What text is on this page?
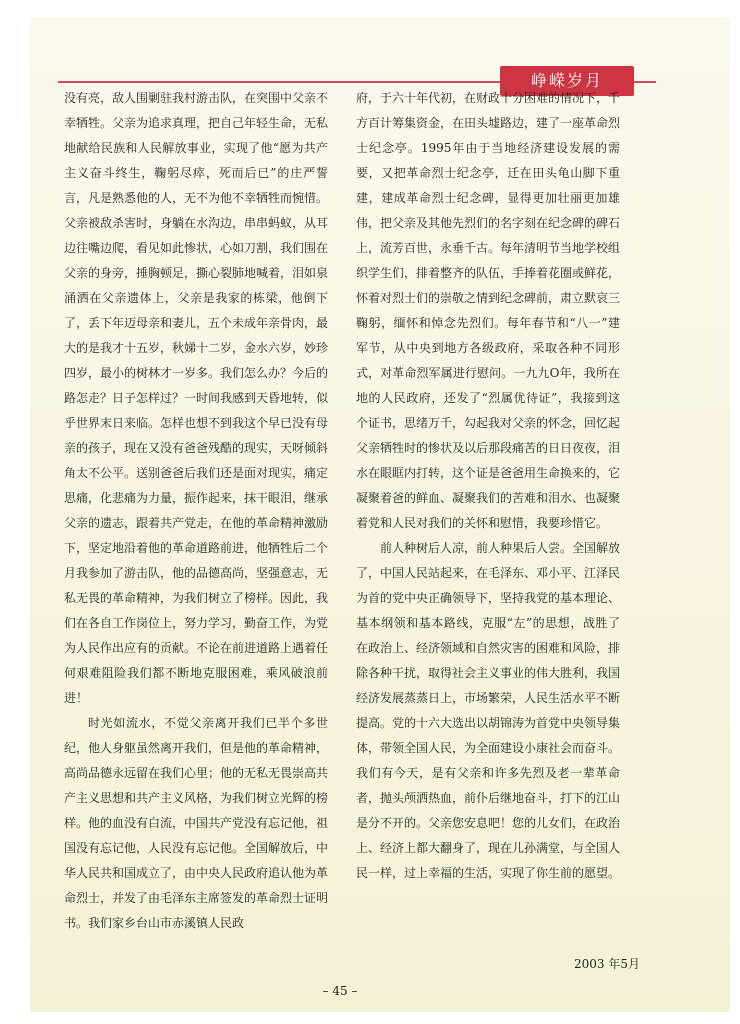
峥嵘岁月

没有亮，敌人围剿驻我村游击队，在突围中父亲不幸牺牲。父亲为追求真理，把自己年轻生命，无私地献给民族和人民解放事业，实现了他“愿为共产主义奋斗终生，鞠躬尽瘁，死而后已”的庄严誓言，凡是熟悉他的人，无不为他不幸牺牲而惋惜。父亲被敌杀害时，身躺在水沟边，串串蚂蚁，从耳边往嘴边爬，看见如此惨状，心如刀割，我们围在父亲的身旁，捶胸顿足，撕心裂肺地喊着，泪如泉涌洒在父亲遗体上，父亲是我家的栋梁，他倒下了，丢下年迈母亲和妻儿，五个未成年亲骨肉，最大的是我才十五岁，秋娣十二岁，金水六岁，妙珍四岁，最小的树林才一岁多。我们怎么办？今后的路怎走？日子怎样过？一时间我感到天昏地转，似乎世界末日来临。怎样也想不到我这个早已没有母亲的孩子，现在又没有爸爸残酷的现实，天呀倾斜角太不公平。送别爸爸后我们还是面对现实，痛定思痛，化悲痛为力量，振作起来，抹干眼泪，继承父亲的遗志，跟着共产党走，在他的革命精神激励下，坚定地沿着他的革命道路前进，他牺牲后二个月我参加了游击队，他的品德高尚，坚强意志，无私无畏的革命精神，为我们树立了榜样。因此，我们在各自工作岗位上，努力学习，勤奋工作，为党为人民作出应有的贡献。不论在前进道路上遇着任何艰难阻险我们都不断地克服困难，乘风破浪前进！

时光如流水，不觉父亲离开我们已半个多世纪，他人身躯虽然离开我们，但是他的革命精神，高尚品德永远留在我们心里；他的无私无畏崇高共产主义思想和共产主义风格，为我们树立光辉的榜样。他的血没有白流，中国共产党没有忘记他，祖国没有忘记他，人民没有忘记他。全国解放后，中华人民共和国成立了，由中央人民政府追认他为革命烈士，并发了由毛泽东主席签发的革命烈士证明书。我们家乡台山市赤溪镇人民政

府，于六十年代初，在财政十分困难的情况下，千方百计筹集资金，在田头墟路边，建了一座革命烈士纪念亭。1995年由于当地经济建设发展的需要，又把革命烈士纪念亭，迁在田头龟山脚下重建，建成革命烈士纪念碑，显得更加壮丽更加雄伟，把父亲及其他先烈们的名字刻在纪念碑的碑石上，流芳百世，永垂千古。每年清明节当地学校组织学生们，排着整齐的队伍，手捧着花圈或鲜花，怀着对烈士们的崇敬之情到纪念碑前，肃立默哀三鞠躬，缅怀和悼念先烈们。每年春节和“八一”建军节，从中央到地方各级政府，采取各种不同形式，对革命烈军属进行慰问。一九九O年，我所在地的人民政府，还发了“烈属优待证”，我接到这个证书，思绪万千，勾起我对父亲的怀念，回忆起父亲牺牲时的惨状及以后那段痛苦的日日夜夜，泪水在眼眶内打转，这个证是爸爸用生命换来的，它凝聚着爸的鲜血、凝聚我们的苦难和泪水、也凝聚着党和人民对我们的关怀和慰惜，我要珍惜它。

前人种树后人凉，前人种果后人尝。全国解放了，中国人民站起来，在毛泽东、邓小平、江泽民为首的党中央正确领导下，坚持我党的基本理论、基本纲领和基本路线，克服“左”的思想，战胜了在政治上、经济领域和自然灾害的困难和风险，排除各种干扰，取得社会主义事业的伟大胜利，我国经济发展蒸蒸日上，市场繁荣，人民生活水平不断提高。党的十六大选出以胡锦涛为首党中央领导集体，带领全国人民，为全面建设小康社会而奋斗。我们有今天，是有父亲和许多先烈及老一辈革命者，抛头颅洒热血，前仆后继地奋斗，打下的江山是分不开的。父亲您安息吧！您的儿女们，在政治上、经济上都大翻身了，现在儿孙满堂，与全国人民一样，过上幸福的生活，实现了你生前的愿望。

2003 年5月
– 45 –
